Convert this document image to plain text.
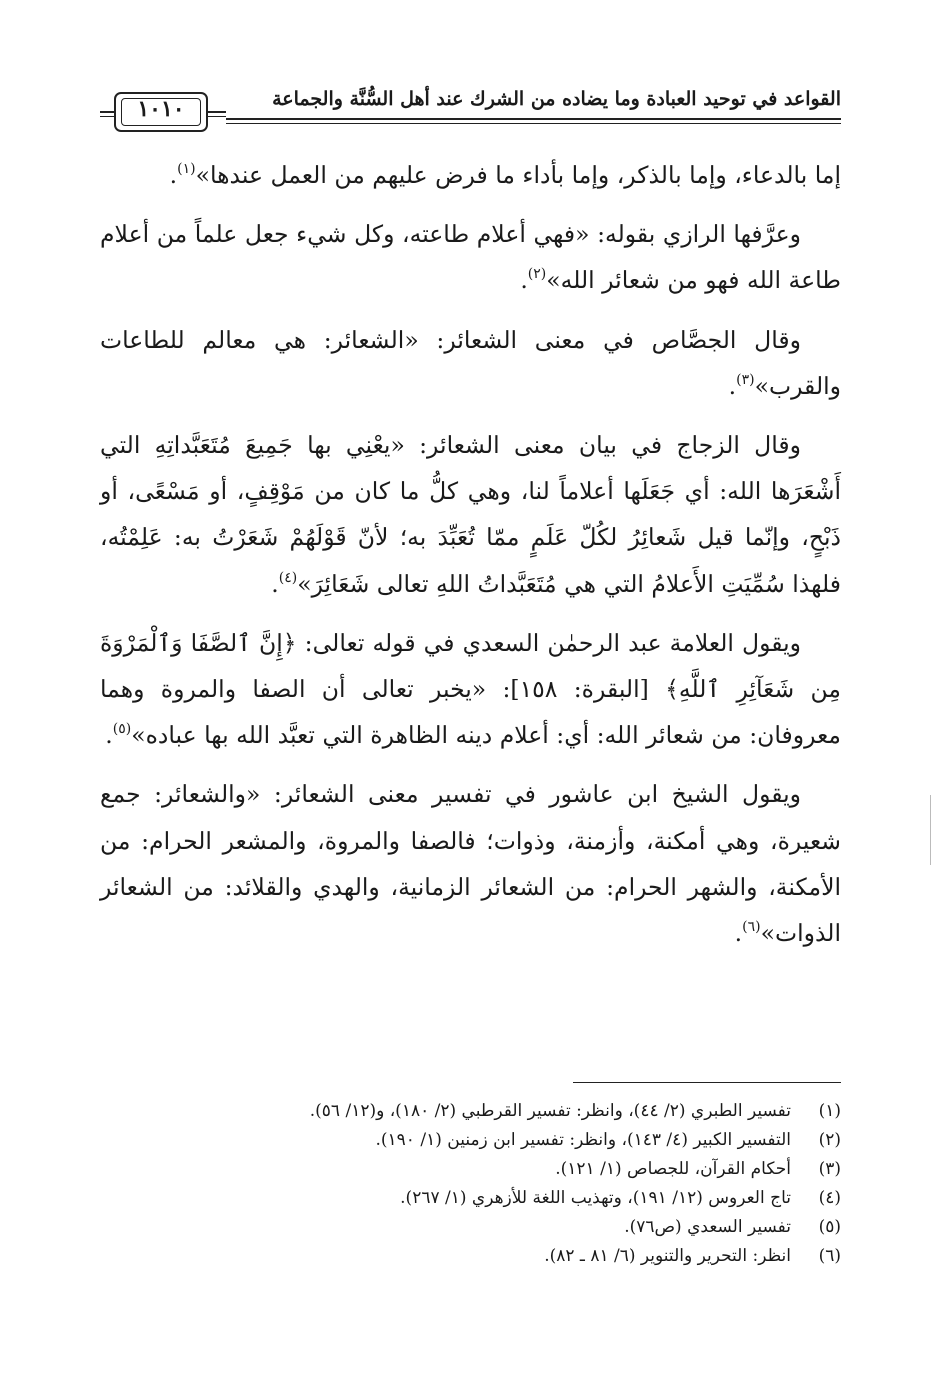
القواعد في توحيد العبادة وما يضاده من الشرك عند أهل السُّنَّة والجماعة
١٠١٠

إما بالدعاء، وإما بالذكر، وإما بأداء ما فرض عليهم من العمل عندها»$^{(١)}$.

وعرَّفها الرازي بقوله: «فهي أعلام طاعته، وكل شيء جعل علماً من أعلام طاعة الله فهو من شعائر الله»$^{(٢)}$.

وقال الجصَّاص في معنى الشعائر: «الشعائر: هي معالم للطاعات والقرب»$^{(٣)}$.

وقال الزجاج في بيان معنى الشعائر: «يعْنِي بها جَمِيعَ مُتَعَبَّداتِهِ التي أَشْعَرَها الله: أي جَعَلَها أعلاماً لنا، وهي كلُّ ما كان من مَوْقِفٍ، أو مَسْعًى، أو ذَبْحٍ، وإنّما قيل شَعائِرُ لكُلّ عَلَمٍ ممّا تُعَبِّدَ به؛ لأنّ قَوْلَهُمْ شَعَرْتُ به: عَلِمْتُه، فلهذا سُمِّيَتِ الأَعلامُ التي هي مُتَعَبَّداتُ اللهِ تعالى شَعَائِرَ»$^{(٤)}$.

ويقول العلامة عبد الرحمٰن السعدي في قوله تعالى: ﴿إِنَّ ٱلصَّفَا وَٱلْمَرْوَةَ مِن شَعَآئِرِ ٱللَّهِ﴾ [البقرة: ١٥٨]: «يخبر تعالى أن الصفا والمروة وهما معروفان: من شعائر الله: أي: أعلام دينه الظاهرة التي تعبَّد الله بها عباده»$^{(٥)}$.

ويقول الشيخ ابن عاشور في تفسير معنى الشعائر: «والشعائر: جمع شعيرة، وهي أمكنة، وأزمنة، وذوات؛ فالصفا والمروة، والمشعر الحرام: من الأمكنة، والشهر الحرام: من الشعائر الزمانية، والهدي والقلائد: من الشعائر الذوات»$^{(٦)}$.

(١)
تفسير الطبري (٢/ ٤٤)، وانظر: تفسير القرطبي (٢/ ١٨٠)، و(١٢/ ٥٦).
(٢)
التفسير الكبير (٤/ ١٤٣)، وانظر: تفسير ابن زمنين (١/ ١٩٠).
(٣)
أحكام القرآن، للجصاص (١/ ١٢١).
(٤)
تاج العروس (١٢/ ١٩١)، وتهذيب اللغة للأزهري (١/ ٢٦٧).
(٥)
تفسير السعدي (ص٧٦).
(٦)
انظر: التحرير والتنوير (٦/ ٨١ ـ ٨٢).
